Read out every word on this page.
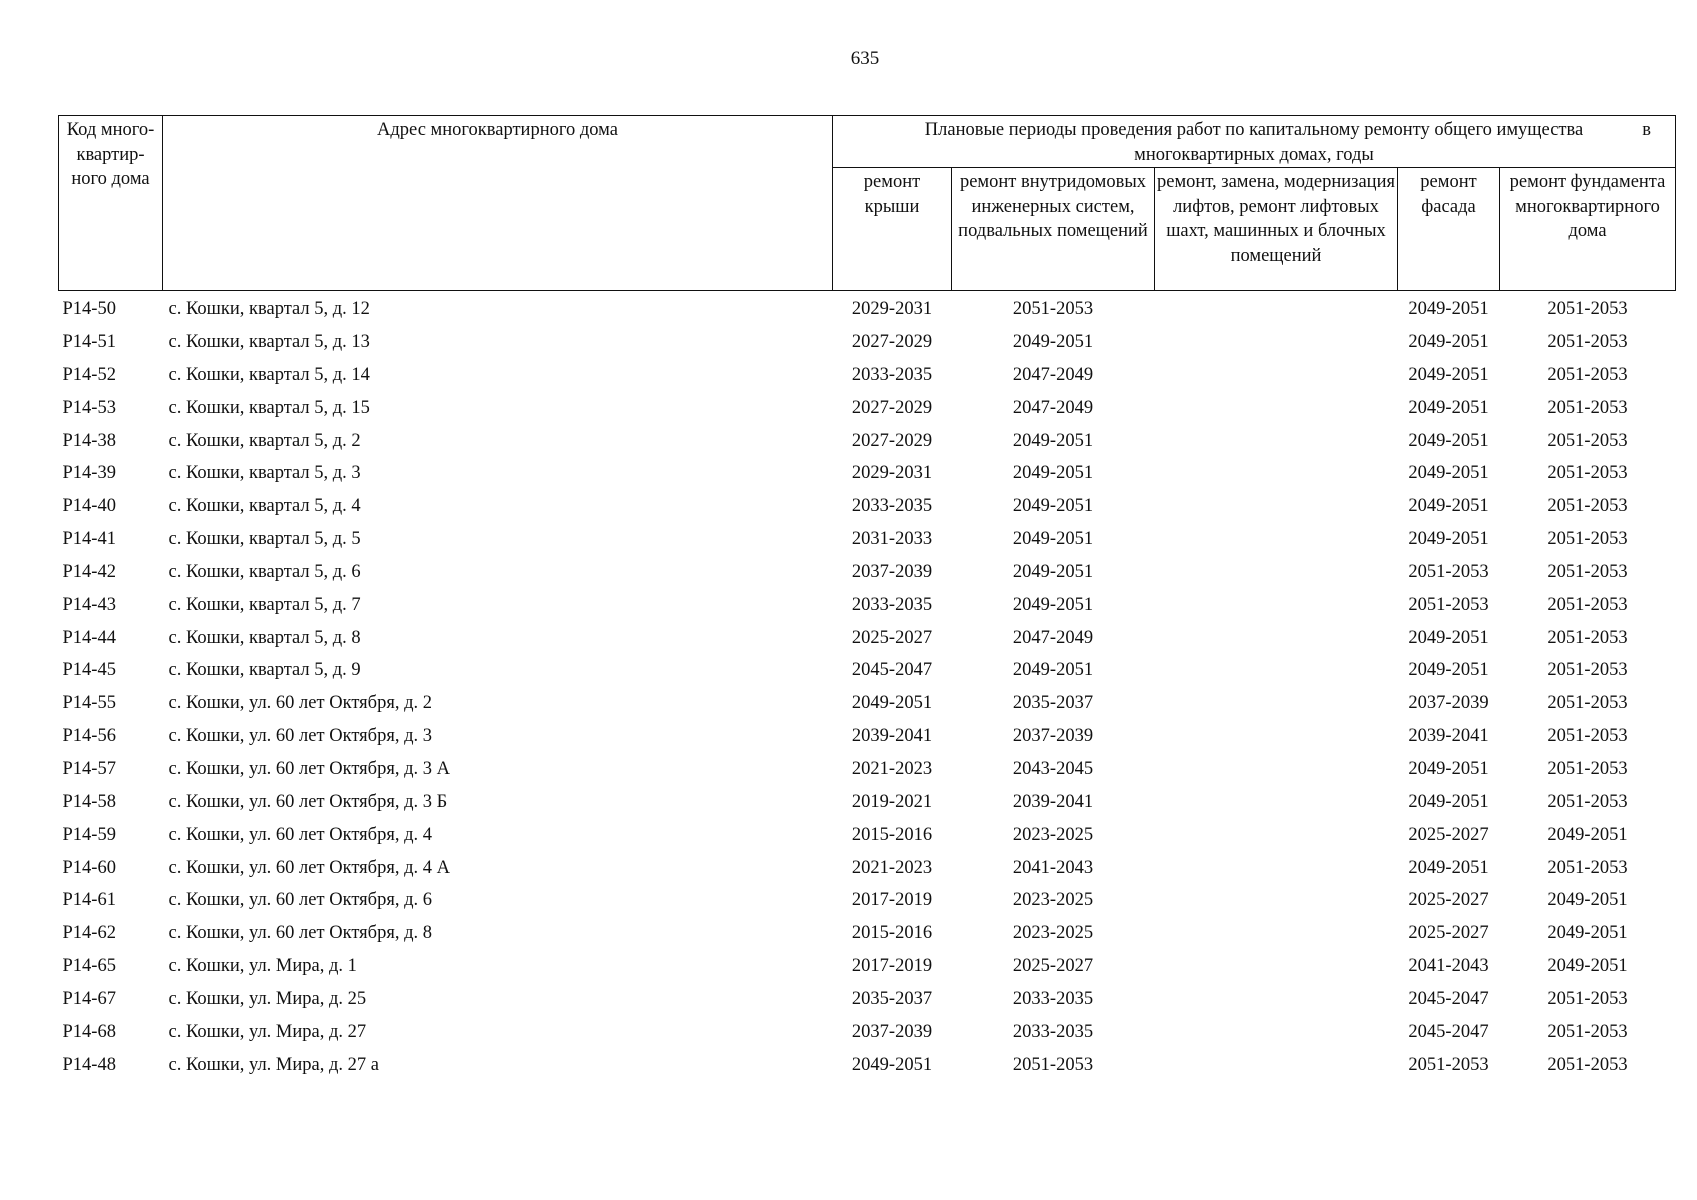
635
Код много-квартир-ного дома	Адрес многоквартирного дома	Плановые периоды проведения работ по капитальному ремонту общего имущества в
многоквартирных домах, годы				

		ремонт крыши	ремонт внутридомовых инженерных систем, подвальных помещений	ремонт, замена, модернизация лифтов, ремонт лифтовых шахт, машинных и блочных помещений	ремонт фасада	ремонт фундамента многоквартирного дома
Р14-50	с. Кошки, квартал 5, д. 12	2029-2031	2051-2053		2049-2051	2051-2053
Р14-51	с. Кошки, квартал 5, д. 13	2027-2029	2049-2051		2049-2051	2051-2053
Р14-52	с. Кошки, квартал 5, д. 14	2033-2035	2047-2049		2049-2051	2051-2053
Р14-53	с. Кошки, квартал 5, д. 15	2027-2029	2047-2049		2049-2051	2051-2053
Р14-38	с. Кошки, квартал 5, д. 2	2027-2029	2049-2051		2049-2051	2051-2053
Р14-39	с. Кошки, квартал 5, д. 3	2029-2031	2049-2051		2049-2051	2051-2053
Р14-40	с. Кошки, квартал 5, д. 4	2033-2035	2049-2051		2049-2051	2051-2053
Р14-41	с. Кошки, квартал 5, д. 5	2031-2033	2049-2051		2049-2051	2051-2053
Р14-42	с. Кошки, квартал 5, д. 6	2037-2039	2049-2051		2051-2053	2051-2053
Р14-43	с. Кошки, квартал 5, д. 7	2033-2035	2049-2051		2051-2053	2051-2053
Р14-44	с. Кошки, квартал 5, д. 8	2025-2027	2047-2049		2049-2051	2051-2053
Р14-45	с. Кошки, квартал 5, д. 9	2045-2047	2049-2051		2049-2051	2051-2053
Р14-55	с. Кошки, ул. 60 лет Октября, д. 2	2049-2051	2035-2037		2037-2039	2051-2053
Р14-56	с. Кошки, ул. 60 лет Октября, д. 3	2039-2041	2037-2039		2039-2041	2051-2053
Р14-57	с. Кошки, ул. 60 лет Октября, д. 3 А	2021-2023	2043-2045		2049-2051	2051-2053
Р14-58	с. Кошки, ул. 60 лет Октября, д. 3 Б	2019-2021	2039-2041		2049-2051	2051-2053
Р14-59	с. Кошки, ул. 60 лет Октября, д. 4	2015-2016	2023-2025		2025-2027	2049-2051
Р14-60	с. Кошки, ул. 60 лет Октября, д. 4 А	2021-2023	2041-2043		2049-2051	2051-2053
Р14-61	с. Кошки, ул. 60 лет Октября, д. 6	2017-2019	2023-2025		2025-2027	2049-2051
Р14-62	с. Кошки, ул. 60 лет Октября, д. 8	2015-2016	2023-2025		2025-2027	2049-2051
Р14-65	с. Кошки, ул. Мира, д. 1	2017-2019	2025-2027		2041-2043	2049-2051
Р14-67	с. Кошки, ул. Мира, д. 25	2035-2037	2033-2035		2045-2047	2051-2053
Р14-68	с. Кошки, ул. Мира, д. 27	2037-2039	2033-2035		2045-2047	2051-2053
Р14-48	с. Кошки, ул. Мира, д. 27 а	2049-2051	2051-2053		2051-2053	2051-2053
